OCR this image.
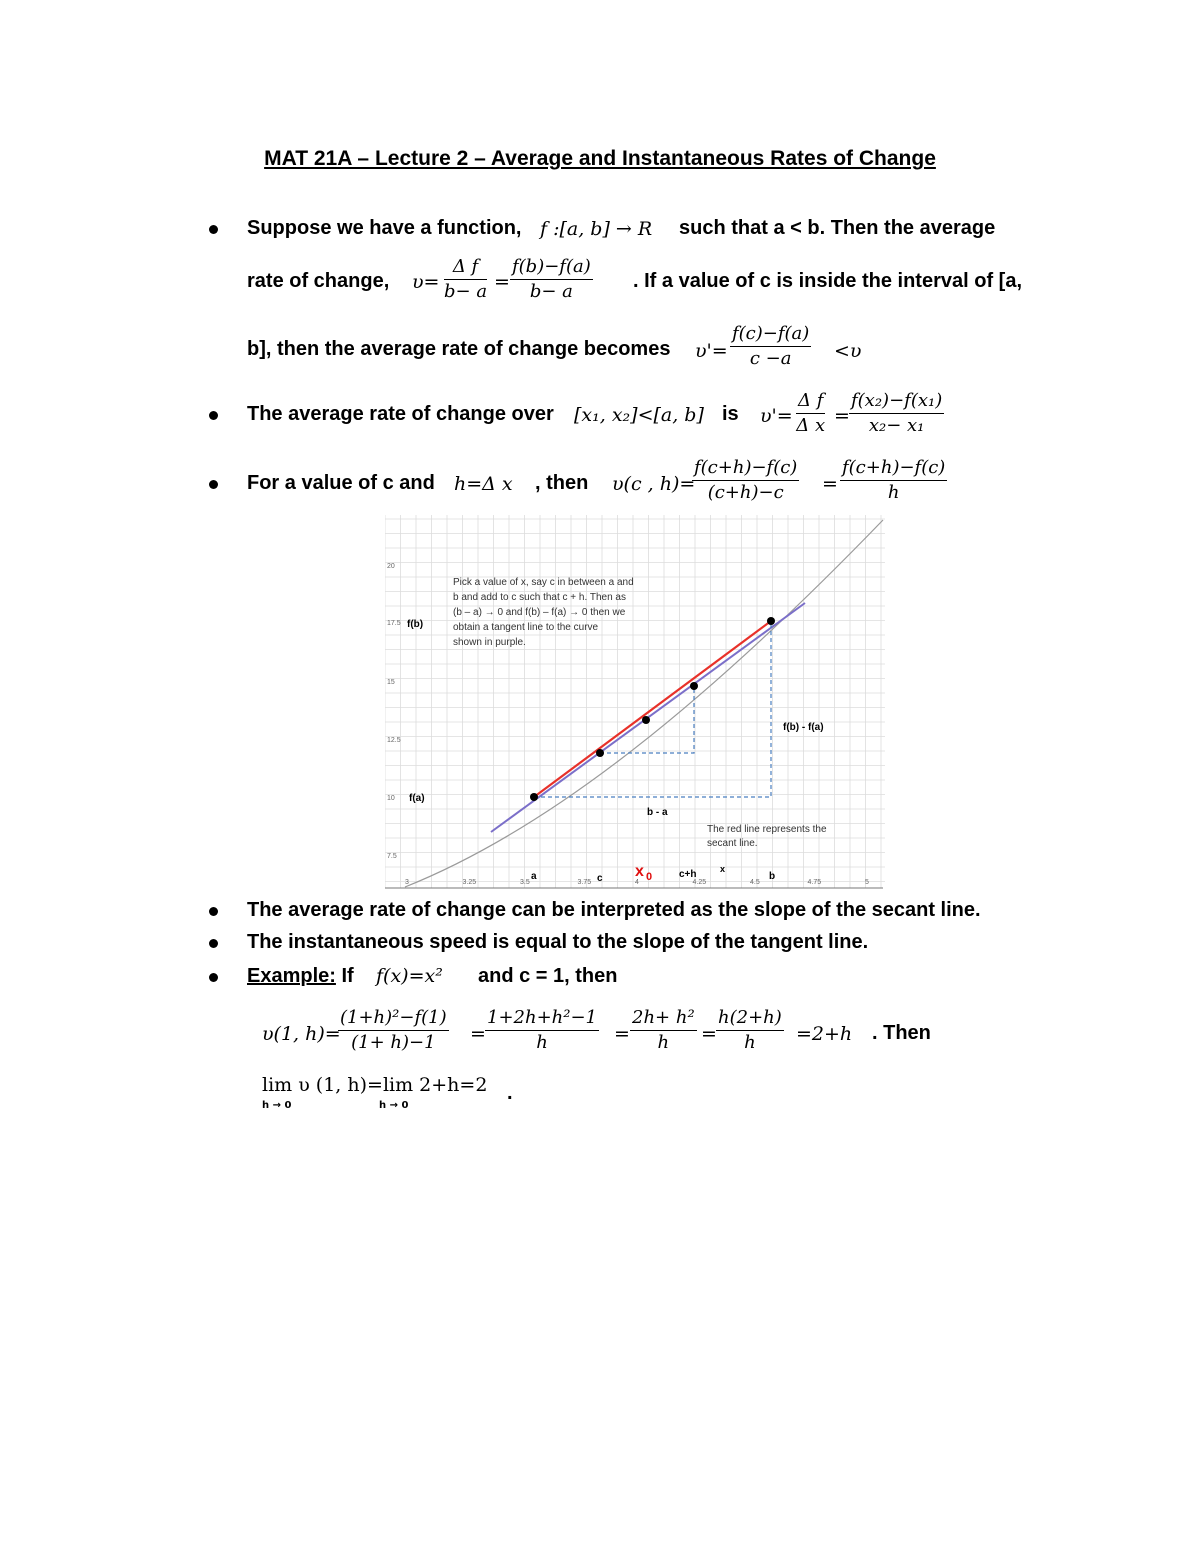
MAT 21A – Lecture 2 – Average and Instantaneous Rates of Change
Suppose we have a function, f :[a, b] → R such that a < b. Then the average
rate of change, $\upsilon= \frac{\text{Δ f}}{b- a} = \frac{f(b)-f(a)}{b- a}$ . If a value of c is inside the interval of [a,
b], then the average rate of change becomes $\upsilon'= \frac{f(c)-f(a)}{c -a} <\upsilon$
The average rate of change over [x₁, x₂]<[a, b] is $\upsilon'= \frac{\text{Δ f}}{\text{Δ x}} = \frac{\text{f(x₂)−f(x₁)}}{\text{x₂− x₁}}$
For a value of c and h=Δ x , then υ(c , h)=
$\frac{f(c+h)-f(c)}{(c+h)-c} = \frac{f(c+h)-f(c)}{h}$
20
17.5
15
12.5
10
7.5
3	3.25	3.5	3.75	4	4.25	4.5	4.75	5
f(b)
f(a)
Pick a value of x, say c in between a and b and add to c such that c + h. Then as (b – a) → 0 and f(b) – f(a) → 0 then we obtain a tangent line to the curve shown in purple.
f(b) - f(a)
b - a
The red line represents the secant line.
a	c x 0	c+h	x
b
The average rate of change can be interpreted as the slope of the secant line.
The instantaneous speed is equal to the slope of the tangent line.
Example: If f(x)=x² and c = 1, then
υ(1, h)=
$\frac{\text{(1+h)²−f(1)}}{(1+ h)-1} = \frac{\text{1+2h+h²−1}}{h} = \frac{\text{2h+ h²}}{h} = \frac{h(2+h)}{h} =2+h$ . Then
lim υ (1, h)=lim 2+h=2
h → 0	h → 0
.
